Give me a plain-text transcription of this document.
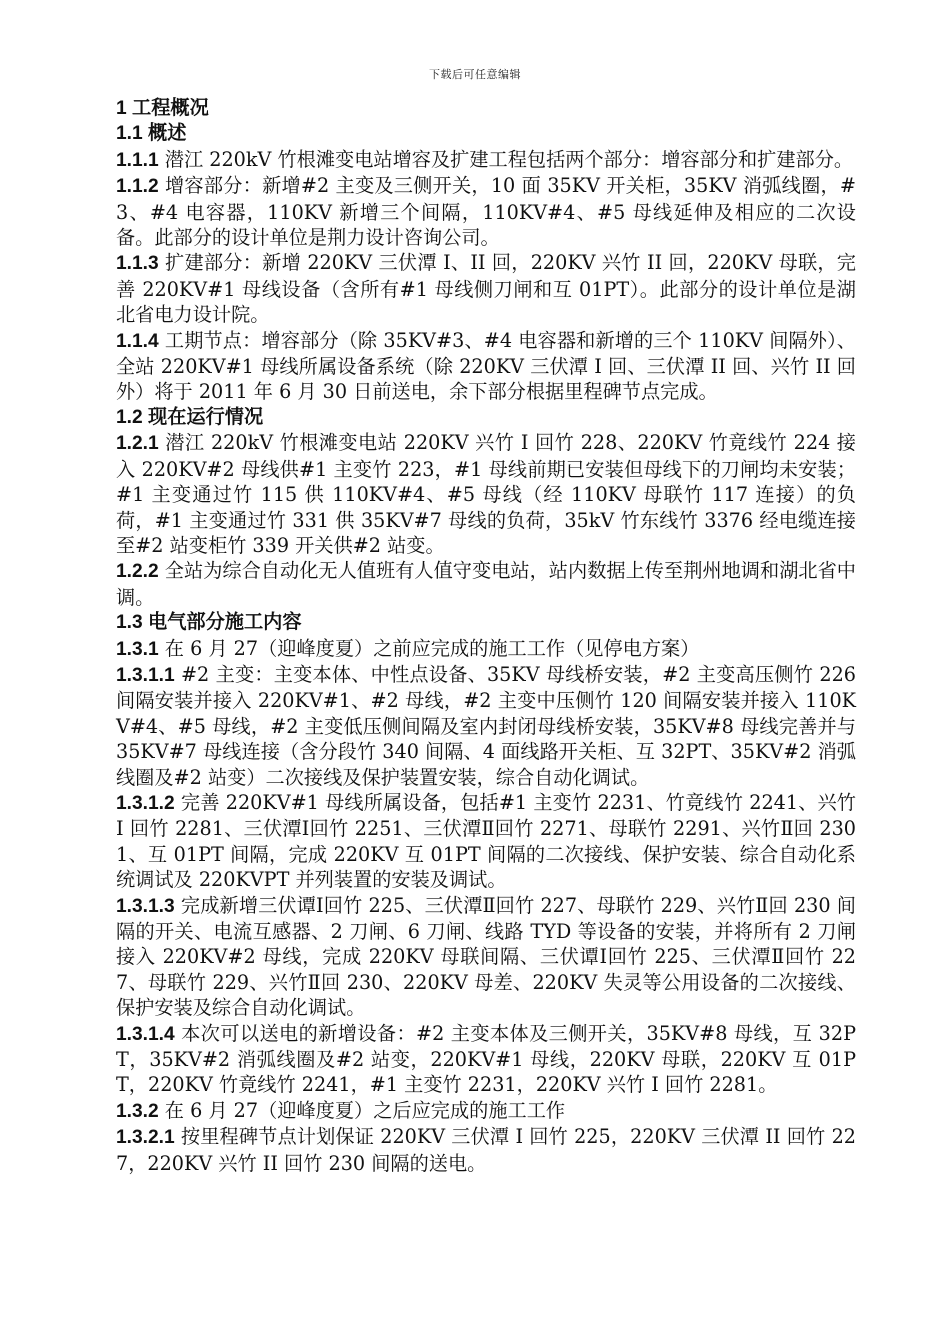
下载后可任意编辑

1 工程概况

1.1 概述

1.1.1 潜江 220kV 竹根滩变电站增容及扩建工程包括两个部分：增容部分和扩建部分。

1.1.2 增容部分：新增#2 主变及三侧开关，10 面 35KV 开关柜，35KV 消弧线圈，#3、#4 电容器，110KV 新增三个间隔，110KV#4、#5 母线延伸及相应的二次设备。此部分的设计单位是荆力设计咨询公司。

1.1.3 扩建部分：新增 220KV 三伏潭 I、II 回，220KV 兴竹 II 回，220KV 母联，完善 220KV#1 母线设备（含所有#1 母线侧刀闸和互 01PT）。此部分的设计单位是湖北省电力设计院。

1.1.4 工期节点：增容部分（除 35KV#3、#4 电容器和新增的三个 110KV 间隔外）、全站 220KV#1 母线所属设备系统（除 220KV 三伏潭 I 回、三伏潭 II 回、兴竹 II 回外）将于 2011 年 6 月 30 日前送电，余下部分根据里程碑节点完成。

1.2 现在运行情况

1.2.1 潜江 220kV 竹根滩变电站 220KV 兴竹 I 回竹 228、220KV 竹竟线竹 224 接入 220KV#2 母线供#1 主变竹 223，#1 母线前期已安装但母线下的刀闸均未安装；#1 主变通过竹 115 供 110KV#4、#5 母线（经 110KV 母联竹 117 连接）的负荷，#1 主变通过竹 331 供 35KV#7 母线的负荷，35kV 竹东线竹 3376 经电缆连接至#2 站变柜竹 339 开关供#2 站变。

1.2.2 全站为综合自动化无人值班有人值守变电站，站内数据上传至荆州地调和湖北省中调。

1.3 电气部分施工内容

1.3.1 在 6 月 27（迎峰度夏）之前应完成的施工工作（见停电方案）

1.3.1.1 #2 主变：主变本体、中性点设备、35KV 母线桥安装，#2 主变高压侧竹 226 间隔安装并接入 220KV#1、#2 母线，#2 主变中压侧竹 120 间隔安装并接入 110KV#4、#5 母线，#2 主变低压侧间隔及室内封闭母线桥安装，35KV#8 母线完善并与 35KV#7 母线连接（含分段竹 340 间隔、4 面线路开关柜、互 32PT、35KV#2 消弧线圈及#2 站变）二次接线及保护装置安装，综合自动化调试。

1.3.1.2 完善 220KV#1 母线所属设备，包括#1 主变竹 2231、竹竟线竹 2241、兴竹 I 回竹 2281、三伏潭Ⅰ回竹 2251、三伏潭Ⅱ回竹 2271、母联竹 2291、兴竹Ⅱ回 2301、互 01PT 间隔，完成 220KV 互 01PT 间隔的二次接线、保护安装、综合自动化系统调试及 220KVPT 并列装置的安装及调试。

1.3.1.3 完成新增三伏谭Ⅰ回竹 225、三伏潭Ⅱ回竹 227、母联竹 229、兴竹Ⅱ回 230 间隔的开关、电流互感器、2 刀闸、6 刀闸、线路 TYD 等设备的安装，并将所有 2 刀闸接入 220KV#2 母线，完成 220KV 母联间隔、三伏谭Ⅰ回竹 225、三伏潭Ⅱ回竹 227、母联竹 229、兴竹Ⅱ回 230、220KV 母差、220KV 失灵等公用设备的二次接线、保护安装及综合自动化调试。

1.3.1.4 本次可以送电的新增设备：#2 主变本体及三侧开关，35KV#8 母线，互 32PT，35KV#2 消弧线圈及#2 站变，220KV#1 母线，220KV 母联，220KV 互 01PT，220KV 竹竟线竹 2241，#1 主变竹 2231，220KV 兴竹 I 回竹 2281。

1.3.2 在 6 月 27（迎峰度夏）之后应完成的施工工作

1.3.2.1 按里程碑节点计划保证 220KV 三伏潭 I 回竹 225，220KV 三伏潭 II 回竹 227，220KV 兴竹 II 回竹 230 间隔的送电。
